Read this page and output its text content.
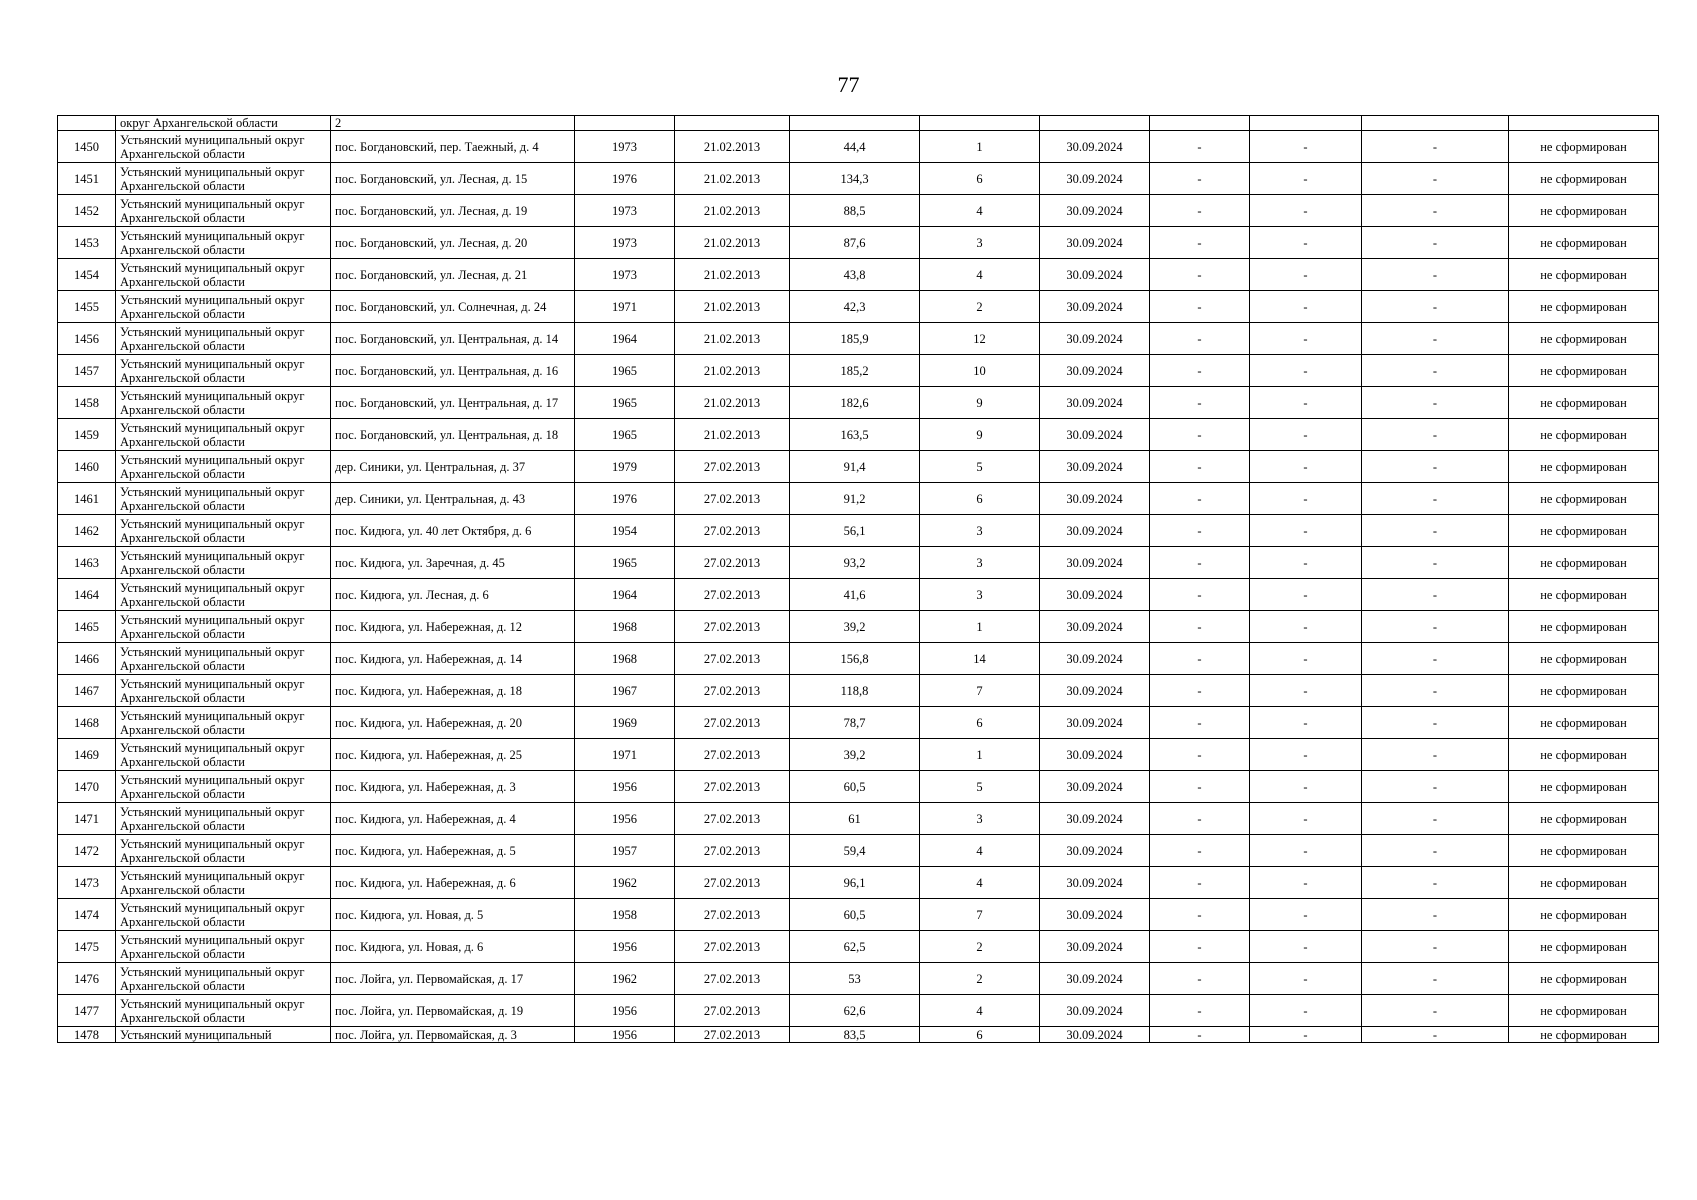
77
	округ Архангельской области	2									
1450	Устьянский муниципальный округ Архангельской области	пос. Богдановский, пер. Таежный, д. 4	1973	21.02.2013	44,4	1	30.09.2024	-	-	-	не сформирован
1451	Устьянский муниципальный округ Архангельской области	пос. Богдановский, ул. Лесная, д. 15	1976	21.02.2013	134,3	6	30.09.2024	-	-	-	не сформирован
1452	Устьянский муниципальный округ Архангельской области	пос. Богдановский, ул. Лесная, д. 19	1973	21.02.2013	88,5	4	30.09.2024	-	-	-	не сформирован
1453	Устьянский муниципальный округ Архангельской области	пос. Богдановский, ул. Лесная, д. 20	1973	21.02.2013	87,6	3	30.09.2024	-	-	-	не сформирован
1454	Устьянский муниципальный округ Архангельской области	пос. Богдановский, ул. Лесная, д. 21	1973	21.02.2013	43,8	4	30.09.2024	-	-	-	не сформирован
1455	Устьянский муниципальный округ Архангельской области	пос. Богдановский, ул. Солнечная, д. 24	1971	21.02.2013	42,3	2	30.09.2024	-	-	-	не сформирован
1456	Устьянский муниципальный округ Архангельской области	пос. Богдановский, ул. Центральная, д. 14	1964	21.02.2013	185,9	12	30.09.2024	-	-	-	не сформирован
1457	Устьянский муниципальный округ Архангельской области	пос. Богдановский, ул. Центральная, д. 16	1965	21.02.2013	185,2	10	30.09.2024	-	-	-	не сформирован
1458	Устьянский муниципальный округ Архангельской области	пос. Богдановский, ул. Центральная, д. 17	1965	21.02.2013	182,6	9	30.09.2024	-	-	-	не сформирован
1459	Устьянский муниципальный округ Архангельской области	пос. Богдановский, ул. Центральная, д. 18	1965	21.02.2013	163,5	9	30.09.2024	-	-	-	не сформирован
1460	Устьянский муниципальный округ Архангельской области	дер. Синики, ул. Центральная, д. 37	1979	27.02.2013	91,4	5	30.09.2024	-	-	-	не сформирован
1461	Устьянский муниципальный округ Архангельской области	дер. Синики, ул. Центральная, д. 43	1976	27.02.2013	91,2	6	30.09.2024	-	-	-	не сформирован
1462	Устьянский муниципальный округ Архангельской области	пос. Кидюга, ул. 40 лет Октября, д. 6	1954	27.02.2013	56,1	3	30.09.2024	-	-	-	не сформирован
1463	Устьянский муниципальный округ Архангельской области	пос. Кидюга, ул. Заречная, д. 45	1965	27.02.2013	93,2	3	30.09.2024	-	-	-	не сформирован
1464	Устьянский муниципальный округ Архангельской области	пос. Кидюга, ул. Лесная, д. 6	1964	27.02.2013	41,6	3	30.09.2024	-	-	-	не сформирован
1465	Устьянский муниципальный округ Архангельской области	пос. Кидюга, ул. Набережная, д. 12	1968	27.02.2013	39,2	1	30.09.2024	-	-	-	не сформирован
1466	Устьянский муниципальный округ Архангельской области	пос. Кидюга, ул. Набережная, д. 14	1968	27.02.2013	156,8	14	30.09.2024	-	-	-	не сформирован
1467	Устьянский муниципальный округ Архангельской области	пос. Кидюга, ул. Набережная, д. 18	1967	27.02.2013	118,8	7	30.09.2024	-	-	-	не сформирован
1468	Устьянский муниципальный округ Архангельской области	пос. Кидюга, ул. Набережная, д. 20	1969	27.02.2013	78,7	6	30.09.2024	-	-	-	не сформирован
1469	Устьянский муниципальный округ Архангельской области	пос. Кидюга, ул. Набережная, д. 25	1971	27.02.2013	39,2	1	30.09.2024	-	-	-	не сформирован
1470	Устьянский муниципальный округ Архангельской области	пос. Кидюга, ул. Набережная, д. 3	1956	27.02.2013	60,5	5	30.09.2024	-	-	-	не сформирован
1471	Устьянский муниципальный округ Архангельской области	пос. Кидюга, ул. Набережная, д. 4	1956	27.02.2013	61	3	30.09.2024	-	-	-	не сформирован
1472	Устьянский муниципальный округ Архангельской области	пос. Кидюга, ул. Набережная, д. 5	1957	27.02.2013	59,4	4	30.09.2024	-	-	-	не сформирован
1473	Устьянский муниципальный округ Архангельской области	пос. Кидюга, ул. Набережная, д. 6	1962	27.02.2013	96,1	4	30.09.2024	-	-	-	не сформирован
1474	Устьянский муниципальный округ Архангельской области	пос. Кидюга, ул. Новая, д. 5	1958	27.02.2013	60,5	7	30.09.2024	-	-	-	не сформирован
1475	Устьянский муниципальный округ Архангельской области	пос. Кидюга, ул. Новая, д. 6	1956	27.02.2013	62,5	2	30.09.2024	-	-	-	не сформирован
1476	Устьянский муниципальный округ Архангельской области	пос. Лойга, ул. Первомайская, д. 17	1962	27.02.2013	53	2	30.09.2024	-	-	-	не сформирован
1477	Устьянский муниципальный округ Архангельской области	пос. Лойга, ул. Первомайская, д. 19	1956	27.02.2013	62,6	4	30.09.2024	-	-	-	не сформирован
1478	Устьянский муниципальный	пос. Лойга, ул. Первомайская, д. 3	1956	27.02.2013	83,5	6	30.09.2024	-	-	-	не сформирован
